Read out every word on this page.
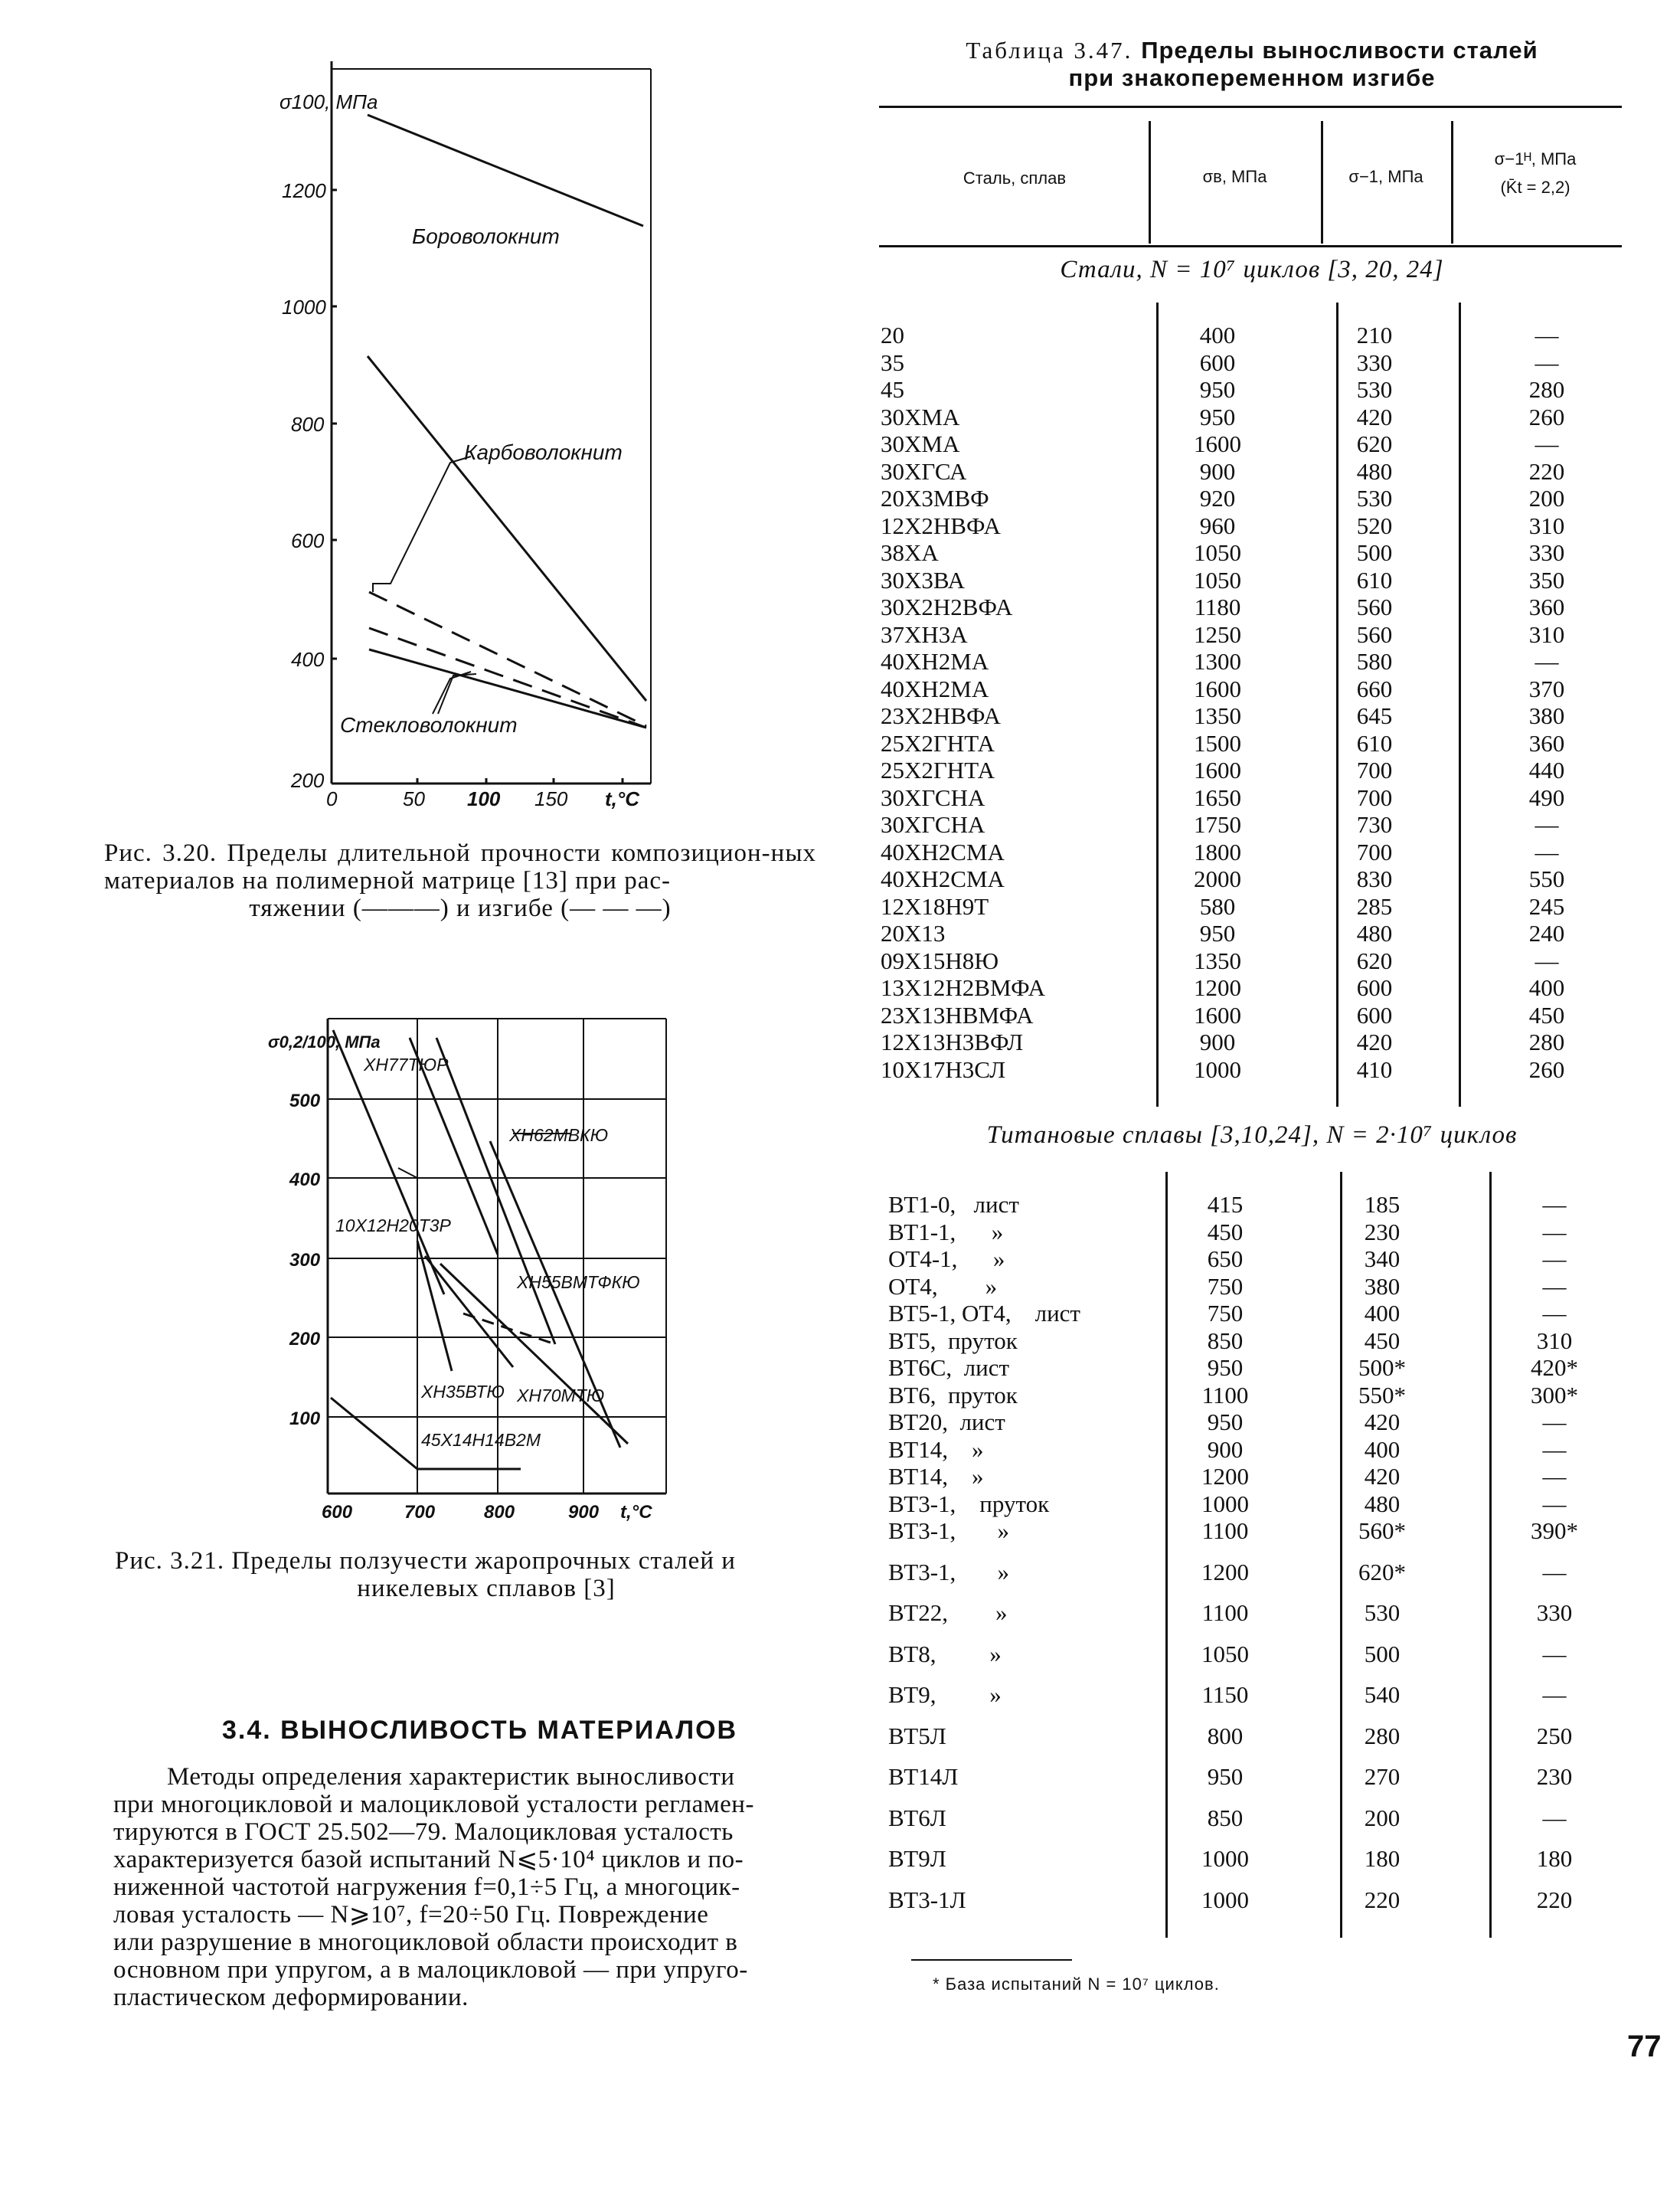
σ100, МПа
1200
1000
800
600
400
200
0	50 100 150 t,°C
Бороволокнит
Карбоволокнит
Стекловолокнит
Рис. 3.20. Пределы длительной прочности композицион-ных материалов на полимерной матрице [13] при рас-
тяжении (———) и изгибе (— — —)
σ0,2/100, МПа
500
400
300
200
100
600	700	800	900 t,°C
ХН77ТЮР
ХН62МВКЮ
10Х12Н20Т3Р
ХН55ВМТФКЮ
ХН35ВТЮ ХН70МТЮ
45Х14Н14В2М
Рис. 3.21. Пределы ползучести жаропрочных сталей и
никелевых сплавов [3]
3.4. ВЫНОСЛИВОСТЬ МАТЕРИАЛОВ
Методы определения характеристик выносливости
при многоцикловой и малоцикловой усталости регламен-
тируются в ГОСТ 25.502—79. Малоцикловая усталость
характеризуется базой испытаний N⩽5·10⁴ циклов и по-
ниженной частотой нагружения f=0,1÷5 Гц, а многоцик-
ловая усталость — N⩾10⁷, f=20÷50 Гц. Повреждение
или разрушение в многоцикловой области происходит в
основном при упругом, а в малоцикловой — при упруго-
пластическом деформировании.
Таблица 3.47. Пределы выносливости сталей
при знакопеременном изгибе
Сталь, сплав	σв, МПа	σ−1, МПа
σ−1ᴴ, МПа
(K̄t = 2,2)
Стали, N = 10⁷ циклов [3, 20, 24]
20	400	210	—
35	600	330	—
45	950	530	280
30ХМА	950	420	260
30ХМА	1600	620	—
30ХГСА	900	480	220
20Х3МВФ	920	530	200
12Х2НВФА	960	520	310
38ХА	1050	500	330
30Х3ВА	1050	610	350
30Х2Н2ВФА	1180	560	360
37ХН3А	1250	560	310
40ХН2МА	1300	580	—
40ХН2МА	1600	660	370
23Х2НВФА	1350	645	380
25Х2ГНТА	1500	610	360
25Х2ГНТА	1600	700	440
30ХГСНА	1650	700	490
30ХГСНА	1750	730	—
40ХН2СМА	1800	700	—
40ХН2СМА	2000	830	550
12Х18Н9Т	580	285	245
20Х13	950	480	240
09Х15Н8Ю	1350	620	—
13Х12Н2ВМФА	1200	600	400
23Х13НВМФА	1600	600	450
12Х13Н3ВФЛ	900	420	280
10Х17Н3СЛ	1000	410	260
Титановые сплавы [3,10,24], N = 2·10⁷ циклов
ВТ1-0,   лист	415	185	—
ВТ1-1,      »	450	230	—
ОТ4-1,      »	650	340	—
ОТ4,        »	750	380	—
ВТ5-1, ОТ4,    лист	750	400	—
ВТ5,  пруток	850	450	310
ВТ6С,  лист	950	500*	420*
ВТ6,  пруток	1100	550*	300*
ВТ20,  лист	950	420	—
ВТ14,    »	900	400	—
ВТ14,    »	1200	420	—
ВТ3-1,    пруток	1000	480	—
ВТ3-1,       »	1100	560*	390*
ВТ3-1,       »	1200	620*	—
ВТ22,        »	1100	530	330
ВТ8,         »	1050	500	—
ВТ9,         »	1150	540	—
ВТ5Л	800	280	250
ВТ14Л	950	270	230
ВТ6Л	850	200	—
ВТ9Л	1000	180	180
ВТ3-1Л	1000	220	220
* База испытаний N = 10⁷ циклов.
77
